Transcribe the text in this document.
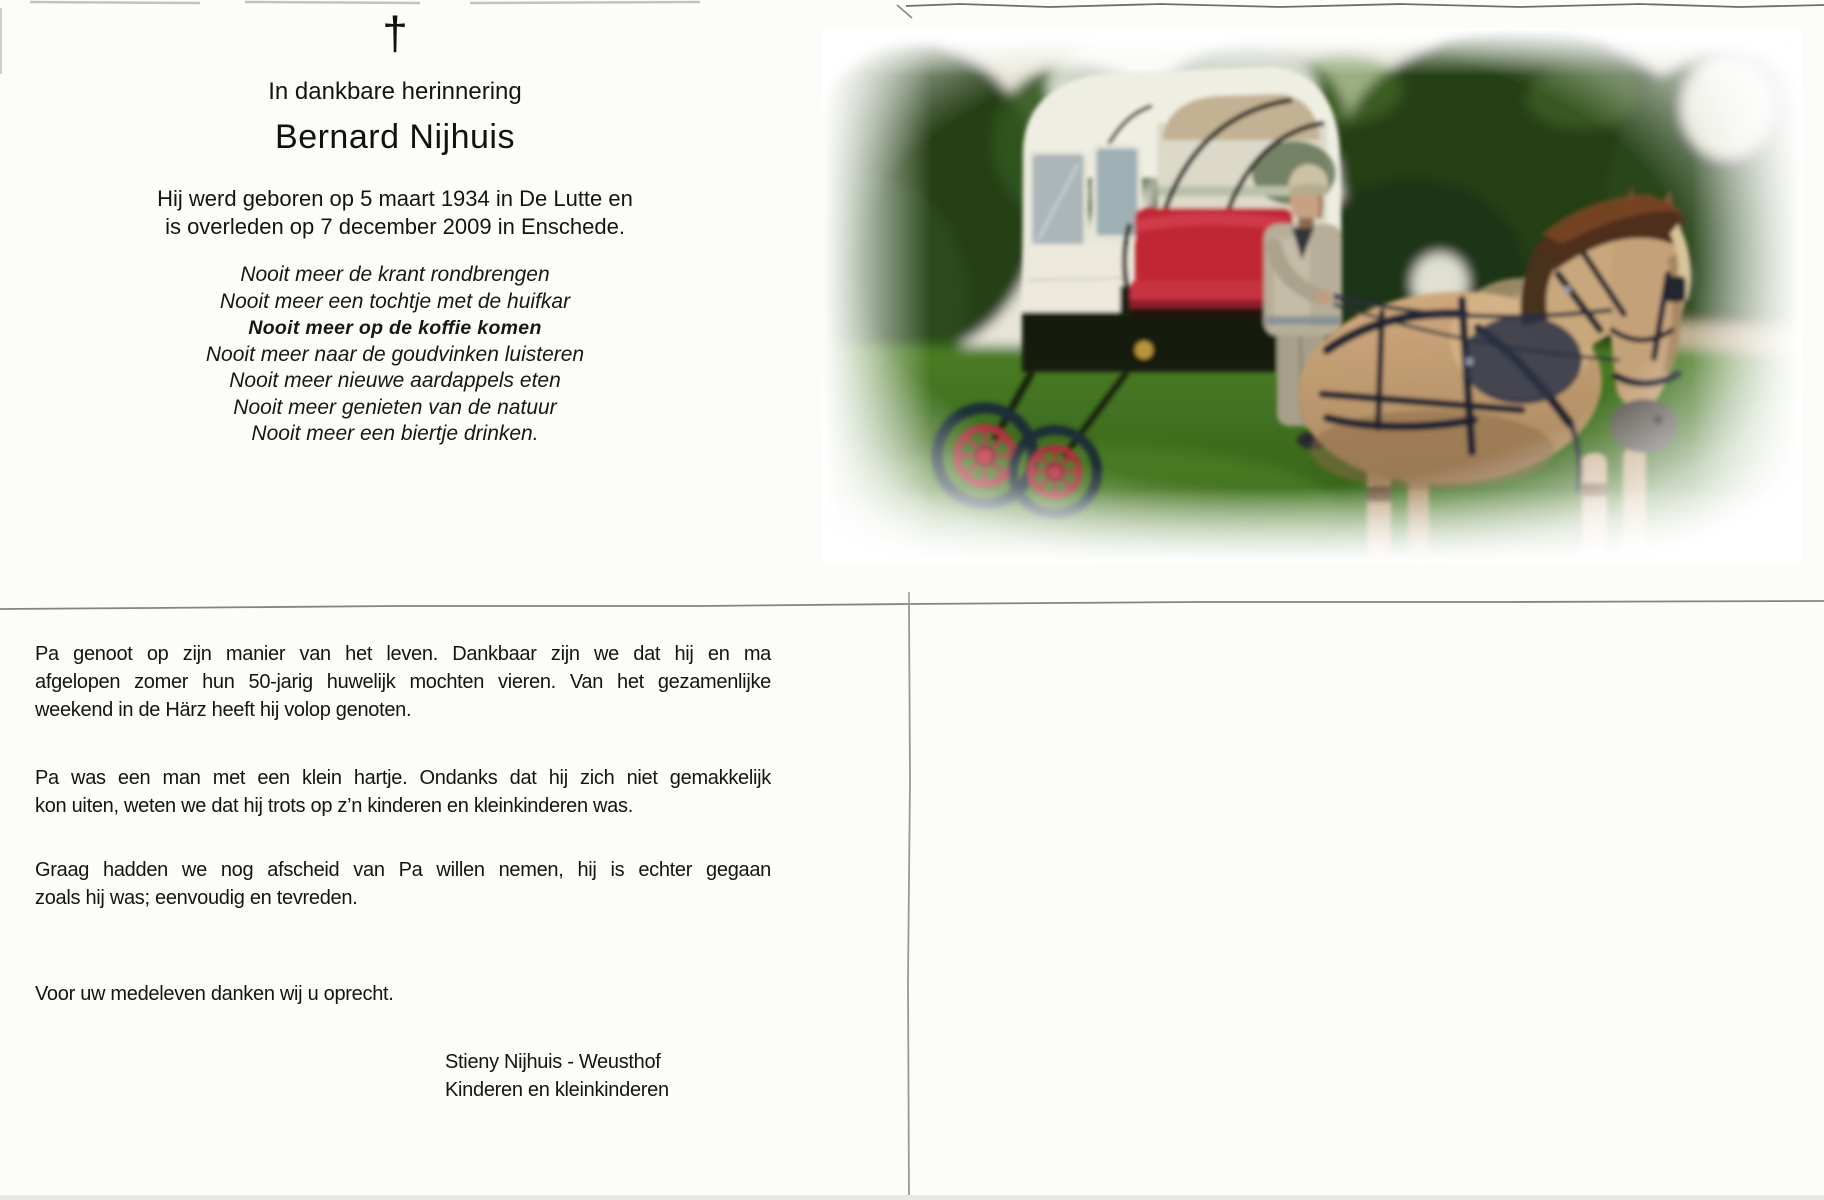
†
In dankbare herinnering
Bernard Nijhuis
Hij werd geboren op 5 maart 1934 in De Lutte en
is overleden op 7 december 2009 in Enschede.
Nooit meer de krant rondbrengen
Nooit meer een tochtje met de huifkar
Nooit meer op de koffie komen
Nooit meer naar de goudvinken luisteren
Nooit meer nieuwe aardappels eten
Nooit meer genieten van de natuur
Nooit meer een biertje drinken.
Pa genoot op zijn manier van het leven. Dankbaar zijn we dat hij en ma
afgelopen zomer hun 50-jarig huwelijk mochten vieren. Van het gezamenlijke
weekend in de Härz heeft hij volop genoten.
Pa was een man met een klein hartje. Ondanks dat hij zich niet gemakkelijk
kon uiten, weten we dat hij trots op z’n kinderen en kleinkinderen was.
Graag hadden we nog afscheid van Pa willen nemen, hij is echter gegaan
zoals hij was; eenvoudig en tevreden.
Voor uw medeleven danken wij u oprecht.
Stieny Nijhuis - Weusthof
Kinderen en kleinkinderen
